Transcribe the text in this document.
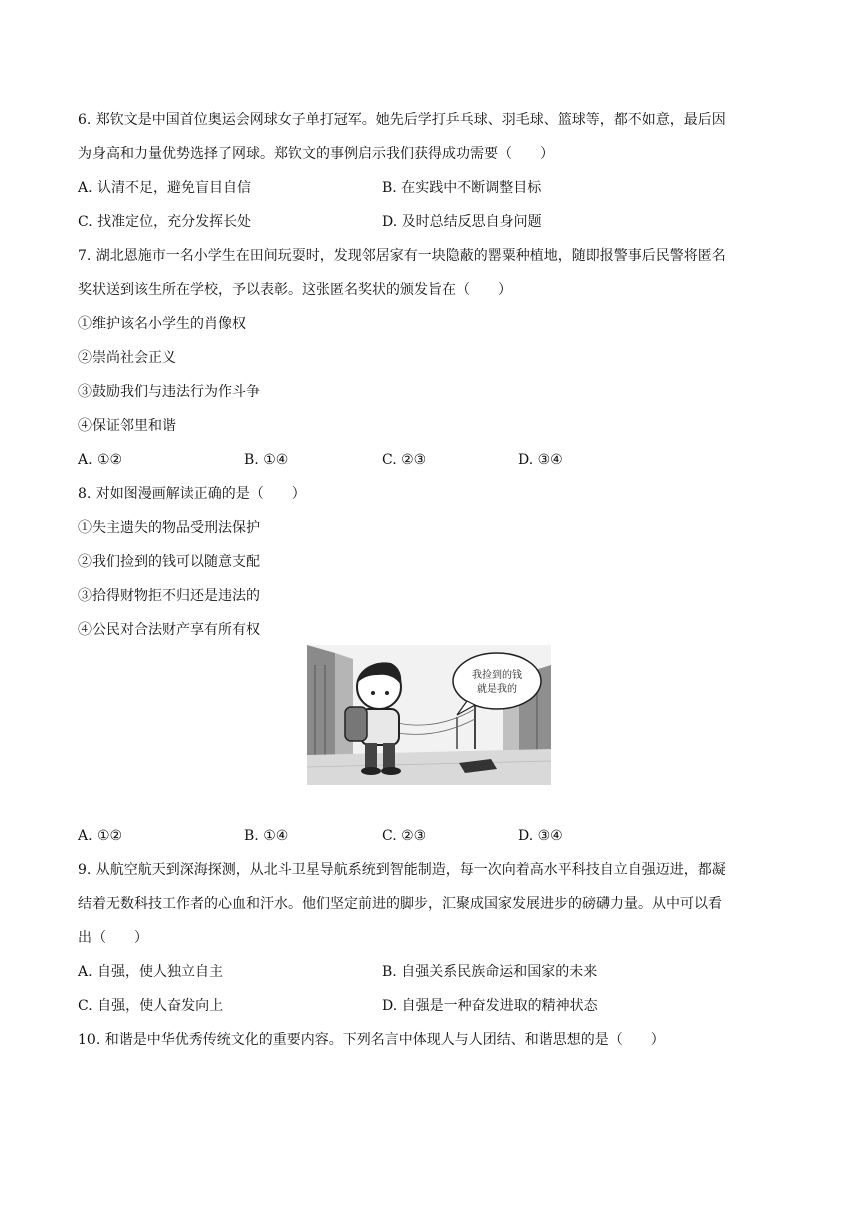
6. 郑钦文是中国首位奥运会网球女子单打冠军。她先后学打乒乓球、羽毛球、篮球等，都不如意，最后因
为身高和力量优势选择了网球。郑钦文的事例启示我们获得成功需要（　　）
A. 认清不足，避免盲目自信	B. 在实践中不断调整目标
C. 找准定位，充分发挥长处	D. 及时总结反思自身问题
7. 湖北恩施市一名小学生在田间玩耍时，发现邻居家有一块隐蔽的罂粟种植地，随即报警事后民警将匿名
奖状送到该生所在学校，予以表彰。这张匿名奖状的颁发旨在（　　）
①维护该名小学生的肖像权
②崇尚社会正义
③鼓励我们与违法行为作斗争
④保证邻里和谐
A. ①②	B. ①④	C. ②③	D. ③④
8. 对如图漫画解读正确的是（　　）
①失主遗失的物品受刑法保护
②我们捡到的钱可以随意支配
③拾得财物拒不归还是违法的
④公民对合法财产享有所有权
我捡到的钱
就是我的
A. ①②	B. ①④	C. ②③	D. ③④
9. 从航空航天到深海探测，从北斗卫星导航系统到智能制造，每一次向着高水平科技自立自强迈进，都凝
结着无数科技工作者的心血和汗水。他们坚定前进的脚步，汇聚成国家发展进步的磅礴力量。从中可以看
出（　　）
A. 自强，使人独立自主	B. 自强关系民族命运和国家的未来
C. 自强，使人奋发向上	D. 自强是一种奋发进取的精神状态
10. 和谐是中华优秀传统文化的重要内容。下列名言中体现人与人团结、和谐思想的是（　　）
